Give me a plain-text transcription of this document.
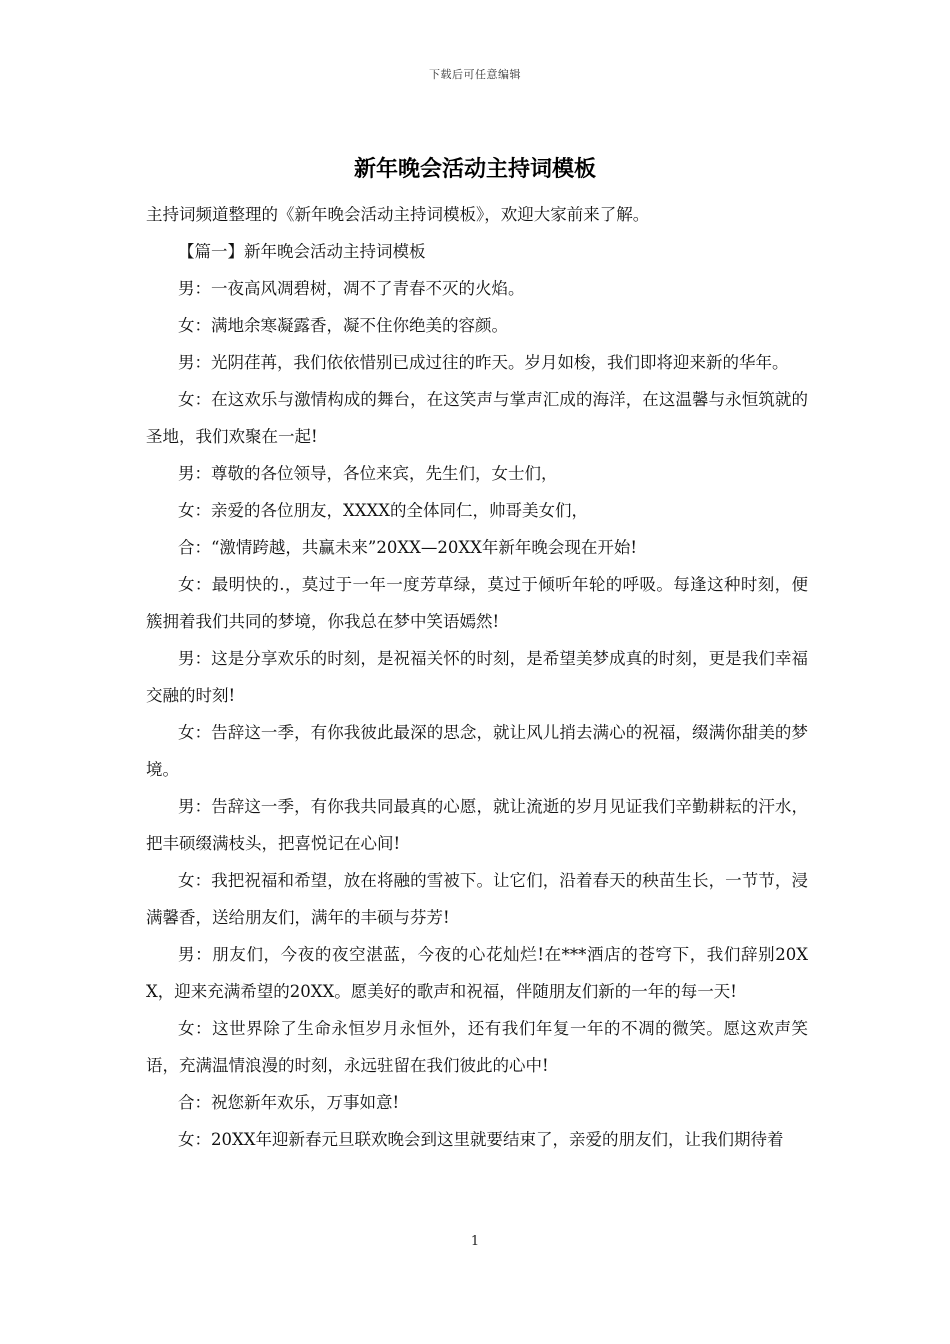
下载后可任意编辑
新年晚会活动主持词模板

主持词频道整理的《新年晚会活动主持词模板》，欢迎大家前来了解。

【篇一】新年晚会活动主持词模板

男：一夜高风凋碧树，凋不了青春不灭的火焰。

女：满地余寒凝露香，凝不住你绝美的容颜。

男：光阴荏苒，我们依依惜别已成过往的昨天。岁月如梭，我们即将迎来新的华年。

女：在这欢乐与激情构成的舞台，在这笑声与掌声汇成的海洋，在这温馨与永恒筑就的圣地，我们欢聚在一起!

男：尊敬的各位领导，各位来宾，先生们，女士们，

女：亲爱的各位朋友，XXXX的全体同仁，帅哥美女们，

合：“激情跨越，共赢未来”20XX—20XX年新年晚会现在开始!

女：最明快的.，莫过于一年一度芳草绿，莫过于倾听年轮的呼吸。每逢这种时刻，便簇拥着我们共同的梦境，你我总在梦中笑语嫣然!

男：这是分享欢乐的时刻，是祝福关怀的时刻，是希望美梦成真的时刻，更是我们幸福交融的时刻!

女：告辞这一季，有你我彼此最深的思念，就让风儿捎去满心的祝福，缀满你甜美的梦境。

男：告辞这一季，有你我共同最真的心愿，就让流逝的岁月见证我们辛勤耕耘的汗水，把丰硕缀满枝头，把喜悦记在心间!

女：我把祝福和希望，放在将融的雪被下。让它们，沿着春天的秧苗生长，一节节，浸满馨香，送给朋友们，满年的丰硕与芬芳!

男：朋友们，今夜的夜空湛蓝，今夜的心花灿烂!在***酒店的苍穹下，我们辞别20XX，迎来充满希望的20XX。愿美好的歌声和祝福，伴随朋友们新的一年的每一天!

女：这世界除了生命永恒岁月永恒外，还有我们年复一年的不凋的微笑。愿这欢声笑语，充满温情浪漫的时刻，永远驻留在我们彼此的心中!

合：祝您新年欢乐，万事如意!

女：20XX年迎新春元旦联欢晚会到这里就要结束了，亲爱的朋友们，让我们期待着

1
